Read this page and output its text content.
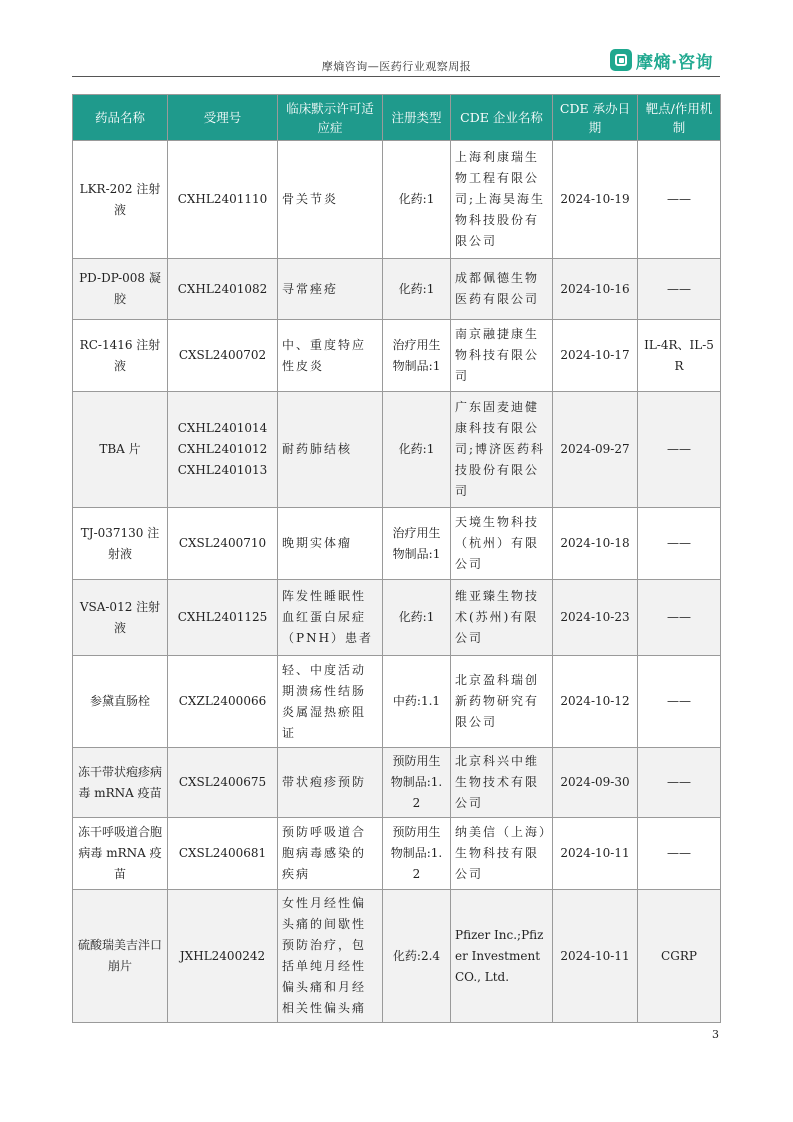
摩熵咨询—医药行业观察周报	摩熵·咨询
药品名称	受理号	临床默示许可适应症	注册类型	CDE 企业名称	CDE 承办日期	靶点/作用机制
LKR-202 注射液	CXHL2401110	骨关节炎	化药:1	上海利康瑞生物工程有限公司;上海昊海生物科技股份有限公司	2024-10-19	——
PD-DP-008 凝胶	CXHL2401082	寻常痤疮	化药:1	成都佩德生物医药有限公司	2024-10-16	——
RC-1416 注射液	CXSL2400702	中、重度特应性皮炎	治疗用生物制品:1	南京融捷康生物科技有限公司	2024-10-17	IL-4R、IL-5R
TBA 片	CXHL2401014 CXHL2401012 CXHL2401013	耐药肺结核	化药:1	广东固麦迪健康科技有限公司;博济医药科技股份有限公司	2024-09-27	——
TJ-037130 注射液	CXSL2400710	晚期实体瘤	治疗用生物制品:1	天境生物科技（杭州）有限公司	2024-10-18	——
VSA-012 注射液	CXHL2401125	阵发性睡眠性血红蛋白尿症（PNH）患者	化药:1	维亚臻生物技术(苏州)有限公司	2024-10-23	——
参黛直肠栓	CXZL2400066	轻、中度活动期溃疡性结肠炎属湿热瘀阻证	中药:1.1	北京盈科瑞创新药物研究有限公司	2024-10-12	——
冻干带状疱疹病毒 mRNA 疫苗	CXSL2400675	带状疱疹预防	预防用生物制品:1.2	北京科兴中维生物技术有限公司	2024-09-30	——
冻干呼吸道合胞病毒 mRNA 疫苗	CXSL2400681	预防呼吸道合胞病毒感染的疾病	预防用生物制品:1.2	纳美信（上海）生物科技有限公司	2024-10-11	——
硫酸瑞美吉泮口崩片	JXHL2400242	女性月经性偏头痛的间歇性预防治疗，包括单纯月经性偏头痛和月经相关性偏头痛	化药:2.4	Pfizer Inc.;Pfizer Investment CO., Ltd.	2024-10-11	CGRP
3
